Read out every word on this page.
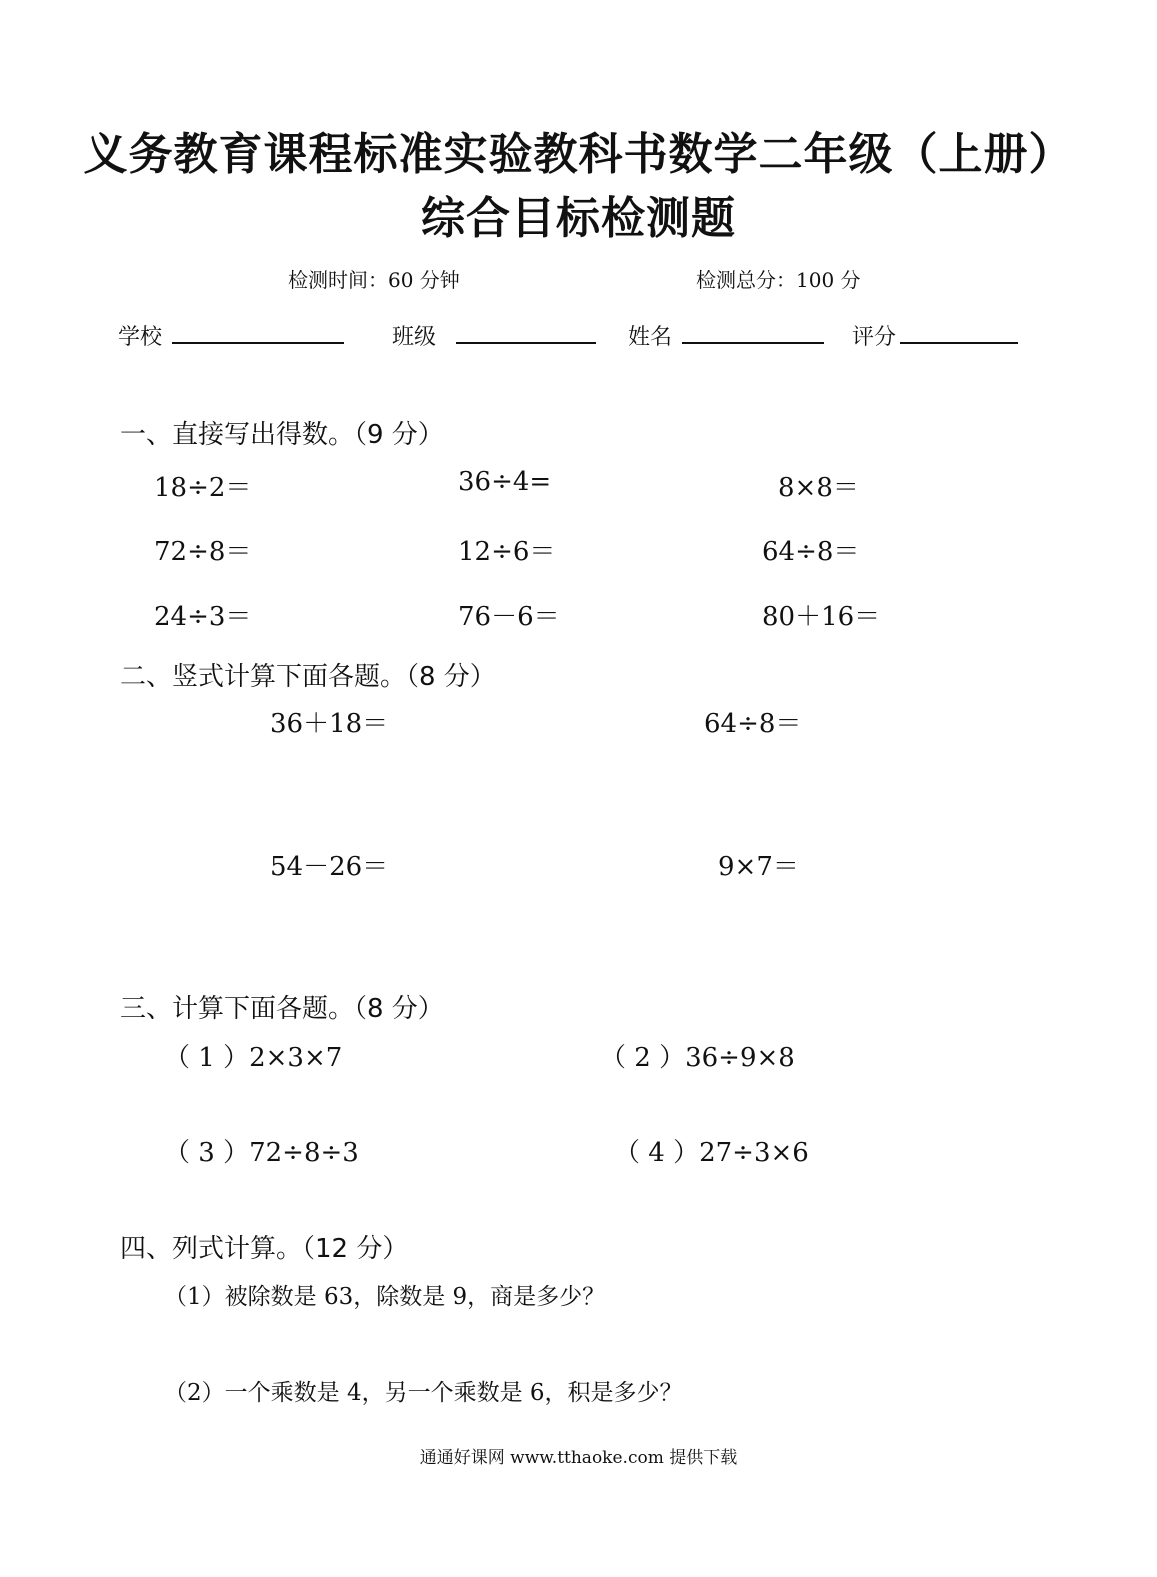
义务教育课程标准实验教科书数学二年级（上册）
综合目标检测题
检测时间：60 分钟	检测总分：100 分
学校	班级	姓名	评分
一、直接写出得数。（9 分）
18÷2＝	36÷4=	8×8＝
72÷8＝	12÷6＝	64÷8＝
24÷3＝	76－6＝	80＋16＝
二、竖式计算下面各题。（8 分）
36＋18＝	64÷8＝
54－26＝	9×7＝
三、计算下面各题。（8 分）
（ 1 ）2×3×7	（ 2 ）36÷9×8
（ 3 ）72÷8÷3	（ 4 ）27÷3×6
四、列式计算。（12 分）
（1）被除数是 63，除数是 9，商是多少？
（2）一个乘数是 4，另一个乘数是 6，积是多少？
通通好课网 www.tthaoke.com 提供下载
